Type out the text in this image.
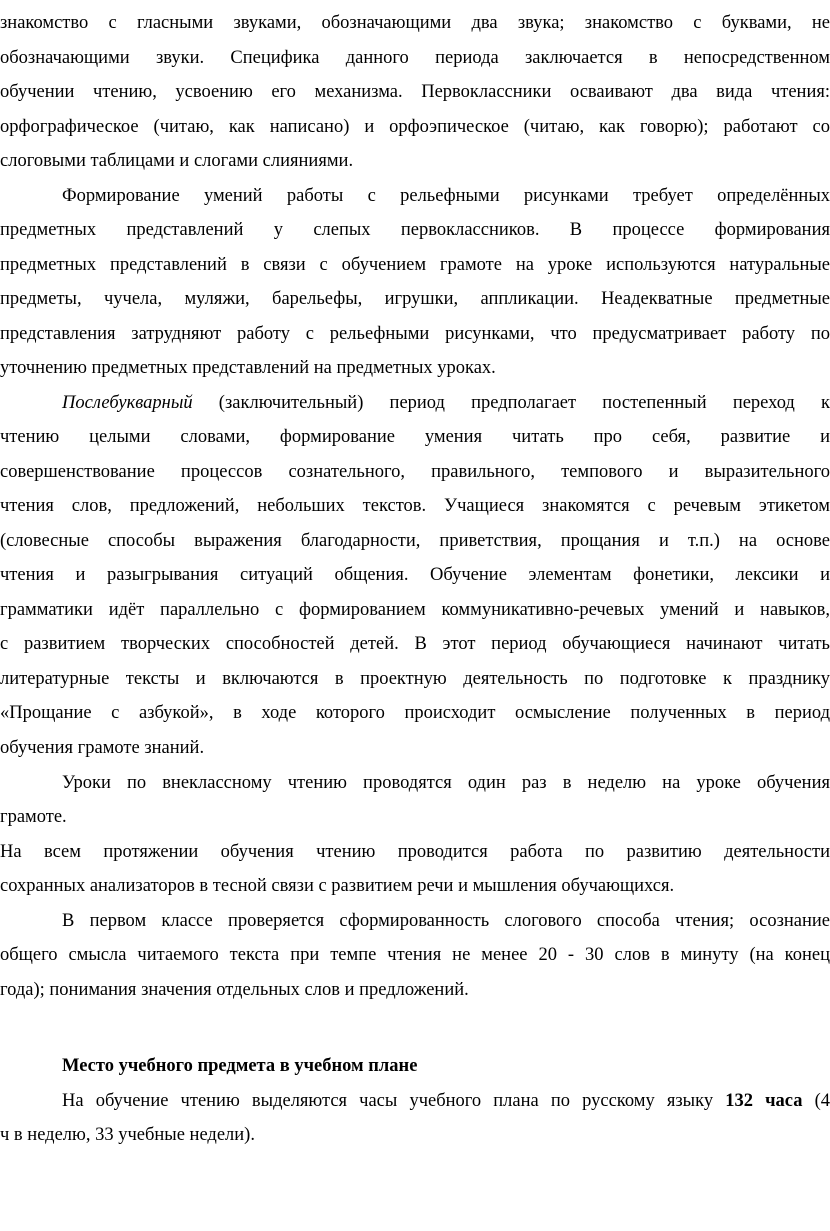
знакомство с гласными звуками, обозначающими два звука; знакомство с буквами, не
обозначающими звуки. Специфика данного периода заключается в непосредственном
обучении чтению, усвоению его механизма. Первоклассники осваивают два вида чтения:
орфографическое (читаю, как написано) и орфоэпическое (читаю, как говорю); работают со
слоговыми таблицами и слогами слияниями.
Формирование умений работы с рельефными рисунками требует определённых
предметных представлений у слепых первоклассников. В процессе формирования
предметных представлений в связи с обучением грамоте на уроке используются натуральные
предметы, чучела, муляжи, барельефы, игрушки, аппликации. Неадекватные предметные
представления затрудняют работу с рельефными рисунками, что предусматривает работу по
уточнению предметных представлений на предметных уроках.
Послебукварный (заключительный) период предполагает постепенный переход к
чтению целыми словами, формирование умения читать про себя, развитие и
совершенствование процессов сознательного, правильного, темпового и выразительного
чтения слов, предложений, небольших текстов. Учащиеся знакомятся с речевым этикетом
(словесные способы выражения благодарности, приветствия, прощания и т.п.) на основе
чтения и разыгрывания ситуаций общения. Обучение элементам фонетики, лексики и
грамматики идёт параллельно с формированием коммуникативно-речевых умений и навыков,
с развитием творческих способностей детей. В этот период обучающиеся начинают читать
литературные тексты и включаются в проектную деятельность по подготовке к празднику
«Прощание с азбукой», в ходе которого происходит осмысление полученных в период
обучения грамоте знаний.
Уроки по внеклассному чтению проводятся один раз в неделю на уроке обучения
грамоте.
На всем протяжении обучения чтению проводится работа по развитию деятельности
сохранных анализаторов в тесной связи с развитием речи и мышления обучающихся.
В первом классе проверяется сформированность слогового способа чтения; осознание
общего смысла читаемого текста при темпе чтения не менее 20 - 30 слов в минуту (на конец
года); понимания значения отдельных слов и предложений.
Место учебного предмета в учебном плане
На обучение чтению выделяются часы учебного плана по русскому языку 132 часа (4
ч в неделю, 33 учебные недели).
